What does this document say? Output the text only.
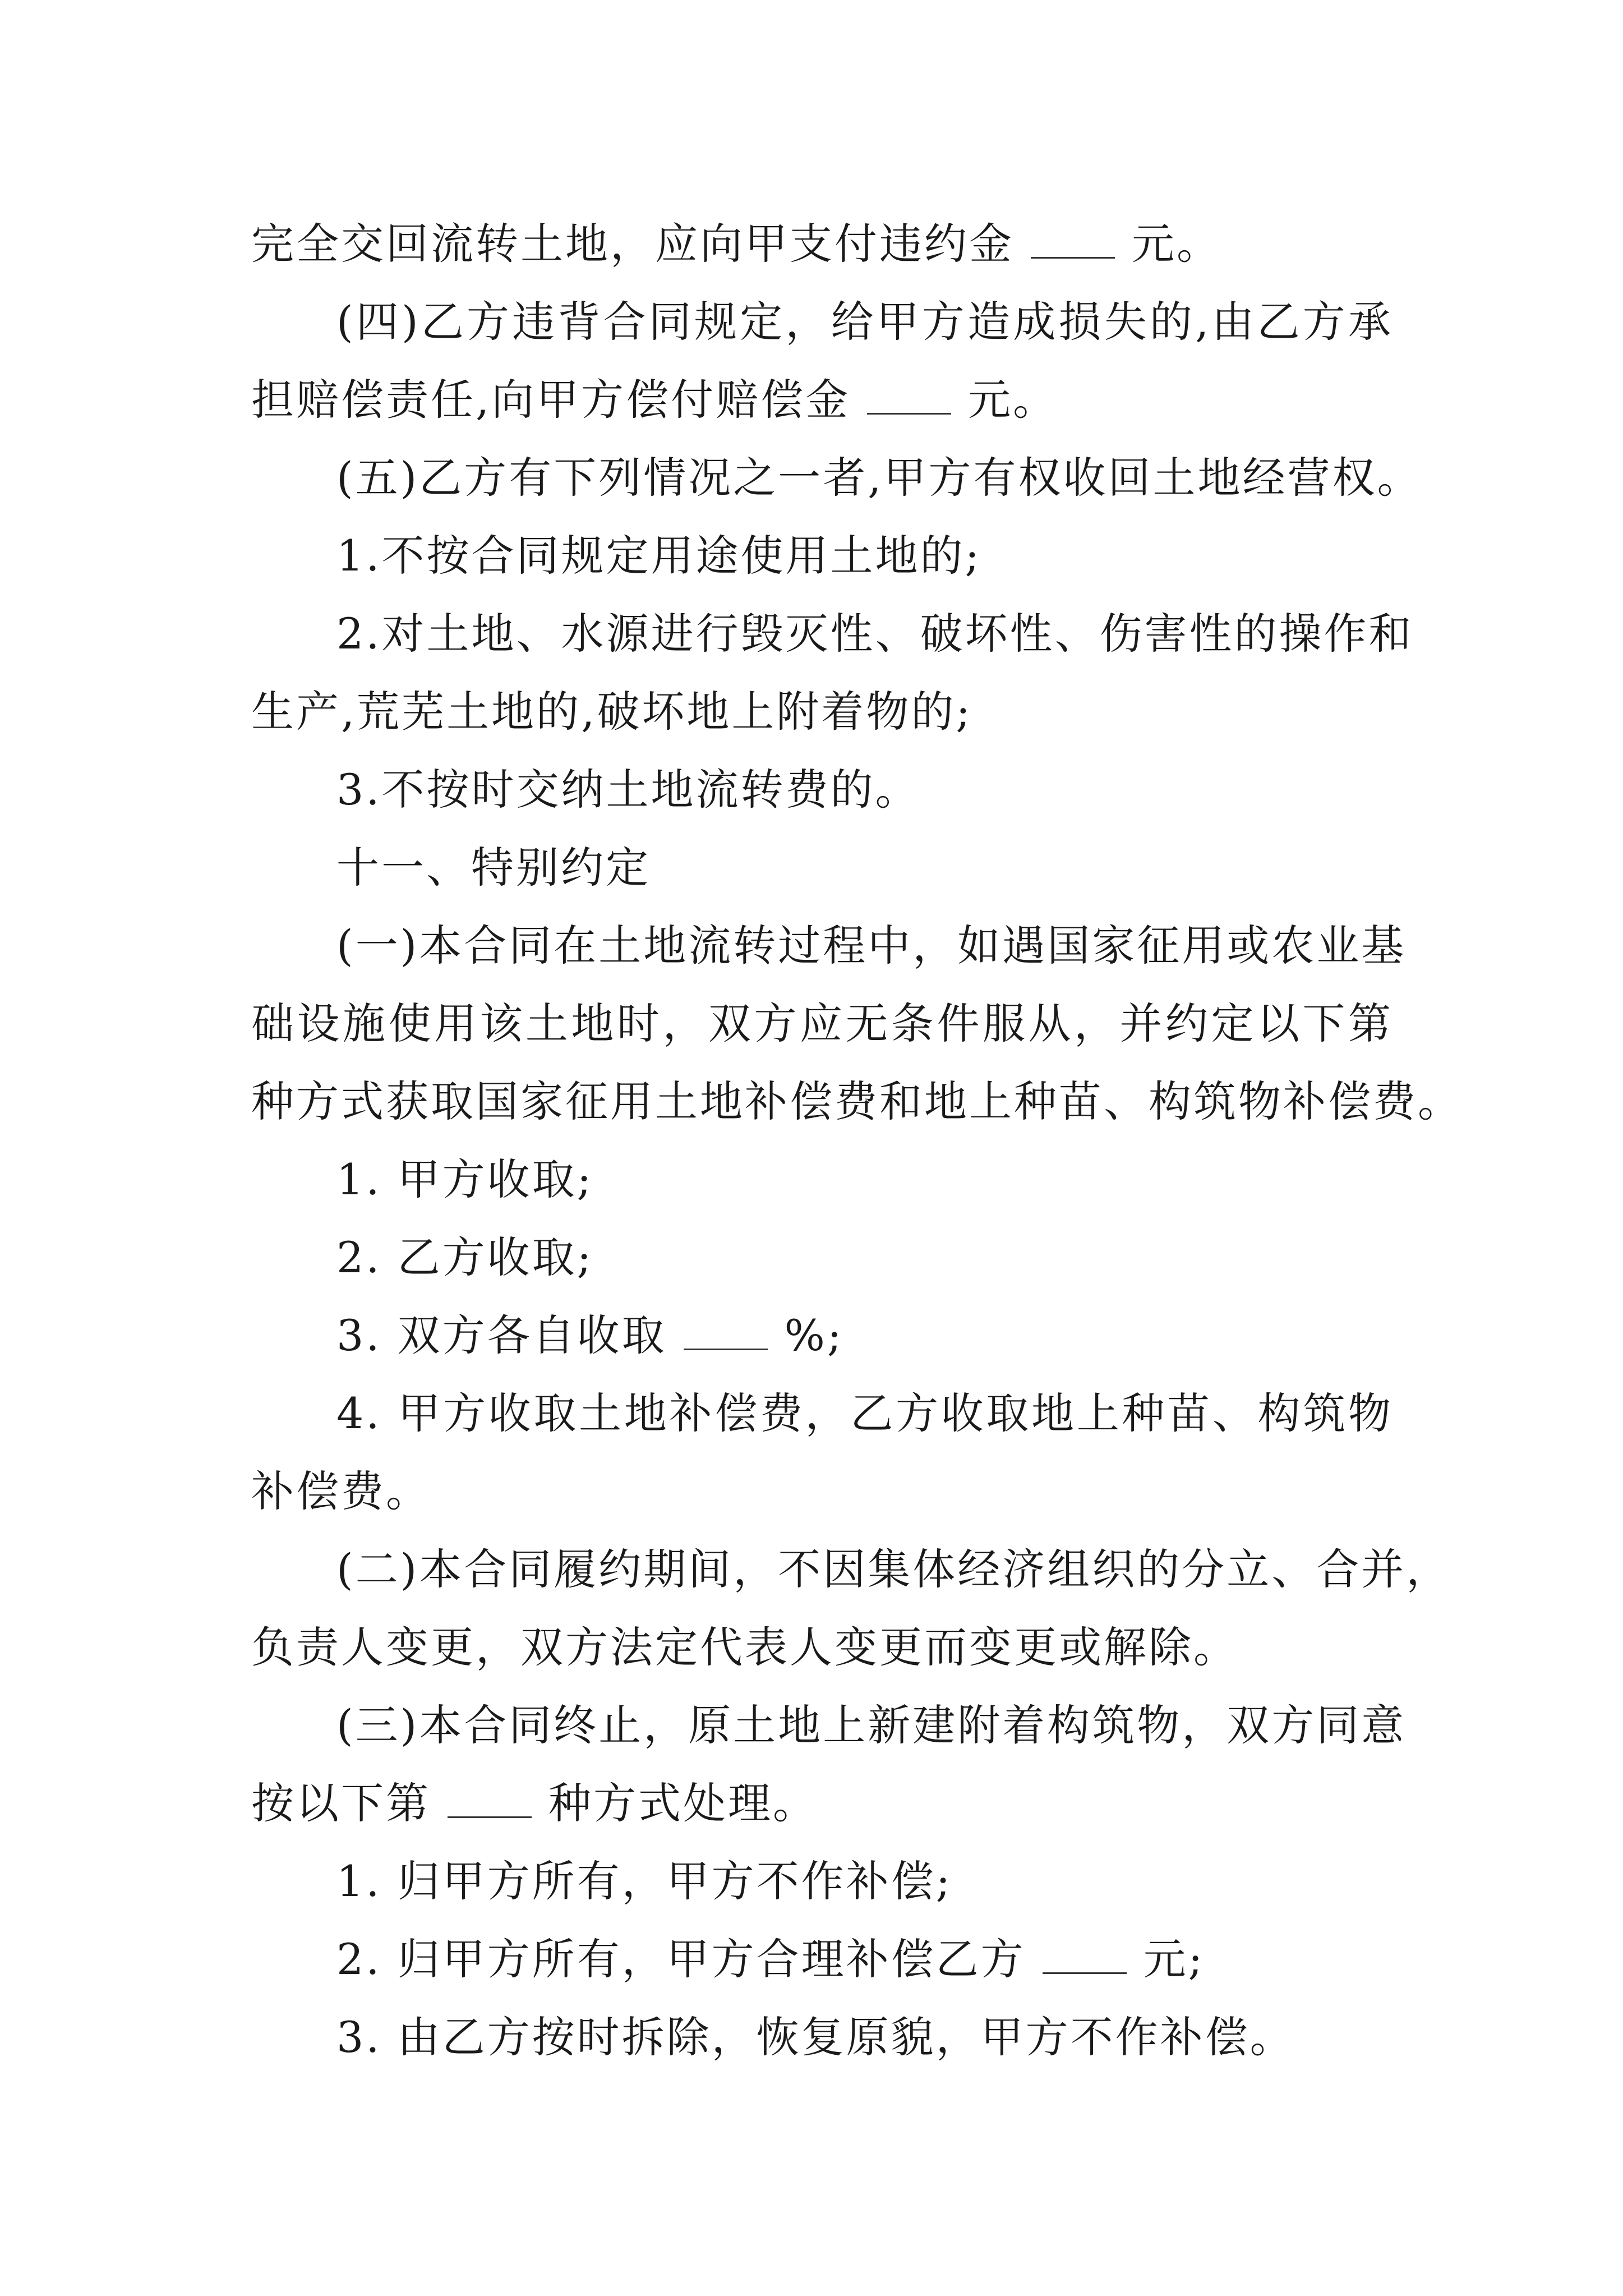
完全交回流转土地，应向甲支付违约金	元。
(四)乙方违背合同规定，给甲方造成损失的,由乙方承
担赔偿责任,向甲方偿付赔偿金	元。
(五)乙方有下列情况之一者,甲方有权收回土地经营权。
1.不按合同规定用途使用土地的;
2.对土地、水源进行毁灭性、破坏性、伤害性的操作和
生产,荒芜土地的,破坏地上附着物的;
3.不按时交纳土地流转费的。
十一、特别约定
(一)本合同在土地流转过程中，如遇国家征用或农业基
础设施使用该土地时，双方应无条件服从，并约定以下第
种方式获取国家征用土地补偿费和地上种苗、构筑物补偿费。
1. 甲方收取;
2. 乙方收取;
3. 双方各自收取	%;
4. 甲方收取土地补偿费，乙方收取地上种苗、构筑物
补偿费。
(二)本合同履约期间，不因集体经济组织的分立、合并，
负责人变更，双方法定代表人变更而变更或解除。
(三)本合同终止，原土地上新建附着构筑物，双方同意
按以下第	种方式处理。
1. 归甲方所有，甲方不作补偿;
2. 归甲方所有，甲方合理补偿乙方	元;
3. 由乙方按时拆除，恢复原貌，甲方不作补偿。
